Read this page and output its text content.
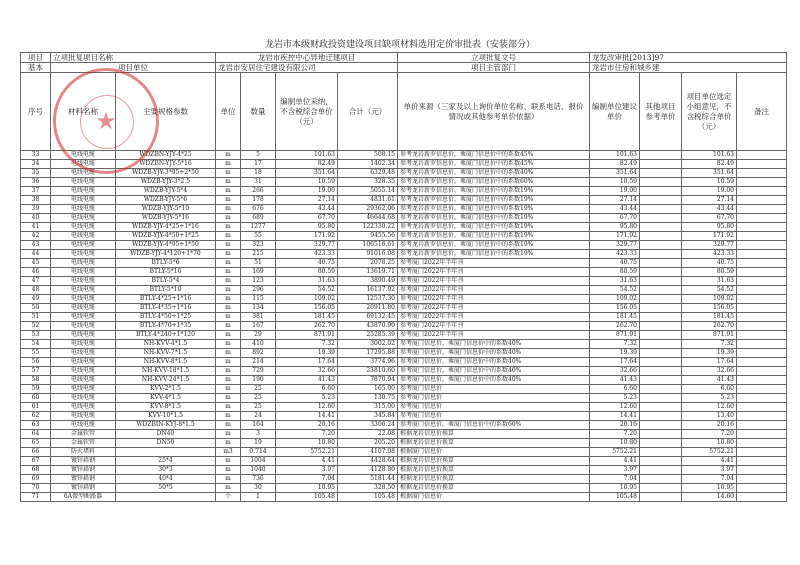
龙岩市本级财政投资建设项目缺项材料选用定价审批表（安装部分）
项目	立项批复项目名称		龙岩市疾控中心异地迁建项目				立项批复文号	龙发改审批[2013]97			
基本	项目单位		龙岩市安居住宅建设有限公司				项目主管部门	龙岩市住房和城乡建			
序号	材料名称	主要规格参数	单位	数量	编制单位采纳，不含税综合单价（元）	合计（元）	单价来源（三家及以上询价单位名称、联系电话、报价情况或其他参考单价依据）	编制单位建议单价	其他项目参考单价	项目单位选定小组意见，不含税综合单价（元）	备注
33	电线电缆	WDZBN-YJY-4*25	m	5	101.63	508.15	参考龙岩新罗信息价，乘厦门信息价中的系数45%	101.63		101.63	
34	电线电缆	WDZBN-YJY-5*16	m	17	82.49	1402.34	参考龙岩新罗信息价，乘厦门信息价中的系数45%	82.49		82.49	
35	电线电缆	WDZB-YJY-3*95+2*50	m	18	351.64	6329.48	参考龙岩新罗信息价，乘厦门信息价中的系数40%	351.64		351.64	
36	电线电缆	WDZB-YJY-3*2.5	m	31	10.59	328.35	参考龙岩新罗信息价，乘厦门信息价中的系数60%	10.59		10.59	
37	电线电缆	WDZB-YJY-5*4	m	266	19.00	5055.14	参考龙岩新罗信息价，乘厦门信息价中的系数19%	19.00		19.00	
38	电线电缆	WDZB-YJY-5*6	m	178	27.14	4831.61	参考龙岩新罗信息价，乘厦门信息价中的系数19%	27.14		27.14	
39	电线电缆	WDZB-YJY-5*10	m	676	43.44	29362.06	参考龙岩新罗信息价，乘厦门信息价中的系数19%	43.44		43.44	
40	电线电缆	WDZB-YJY-5*16	m	689	67.70	46644.68	参考龙岩新罗信息价，乘厦门信息价中的系数19%	67.70		67.70	
41	电线电缆	WDZB-YJY-4*25+1*16	m	1277	95.80	122330.22	参考龙岩新罗信息价，乘厦门信息价中的系数19%	95.80		95.80	
42	电线电缆	WDZB-YJY-4*50+1*25	m	55	171.92	9455.56	参考龙岩新罗信息价，乘厦门信息价中的系数19%	171.92		171.92	
43	电线电缆	WDZB-YJY-4*95+1*50	m	323	329.77	106516.61	参考龙岩新罗信息价，乘厦门信息价中的系数19%	329.77		329.77	
44	电线电缆	WDZB-YJY-4*120+1*70	m	215	423.33	91016.08	参考龙岩新罗信息价，乘厦门信息价中的系数19%	423.33		423.33	
45	电线电缆	BTLY-5*6	m	51	40.75	2078.25	参考厦门2022年半年刊	40.75		40.75	
46	电线电缆	BTLY-5*16	m	169	80.59	13619.71	参考厦门2022年半年刊	80.59		80.59	
47	电线电缆	BTLY-5*4	m	123	31.63	3890.49	参考厦门2022年半年刊	31.63		31.63	
48	电线电缆	BTLY-5*10	m	296	54.52	16137.92	参考厦门2022年半年刊	54.52		54.52	
49	电线电缆	BTLY-4*25+1*16	m	115	109.02	12537.30	参考厦门2022年半年刊	109.02		109.02	
50	电线电缆	BTLY-4*35+1*16	m	134	156.05	20911.80	参考厦门2022年半年刊	156.05		156.05	
51	电线电缆	BTLY-4*50+1*25	m	381	181.45	69132.45	参考厦门2022年半年刊	181.45		181.45	
52	电线电缆	BTLY-4*70+1*35	m	167	262.70	43870.90	参考厦门2022年半年刊	262.70		262.70	
53	电线电缆	BTLY-4*240+1*120	m	29	871.91	25285.39	参考厦门2022年半年刊	871.91		871.91	
54	电线电缆	NH-KVV-4*1.5	m	410	7.32	3002.02	参考厦门信息价，乘厦门信息价中的系数40%	7.32		7.32	
55	电线电缆	NH-KVV-7*1.5	m	892	19.39	17295.88	参考厦门信息价，乘厦门信息价中的系数40%	19.39		19.39	
56	电线电缆	NH-KVV-8*1.5	m	214	17.64	3774.96	参考厦门信息价，乘厦门信息价中的系数40%	17.64		17.64	
57	电线电缆	NH-KVV-18*1.5	m	729	32.66	23810.60	参考厦门信息价，乘厦门信息价中的系数40%	32.66		32.66	
58	电线电缆	NH-KVV-24*1.5	m	190	41.43	7870.94	参考厦门信息价，乘厦门信息价中的系数40%	41.43		41.43	
59	电线电缆	KVV-2*1.5	m	25	6.60	165.00	参考厦门信息价	6.60		6.60	
60	电线电缆	KVV-4*1.5	m	25	5.23	130.75	参考厦门信息价	5.23		5.23	
61	电线电缆	KVV-8*1.5	m	25	12.60	315.00	参考厦门信息价	12.60		12.60	
62	电线电缆	KVV-10*1.5	m	24	14.41	345.84	参考厦门信息价	14.41		13.40	
63	电线电缆	WDZBIN-KYJ-8*1.5	m	164	20.16	3306.24	参考厦门信息价，乘厦门信息价中的系数60%	20.16		20.16	
64	金属软管	DN40	m	3	7.20	22.08	根据龙岩信息价换算	7.20		7.20	
65	金属软管	DN50	m	19	10.80	205.20	根据龙岩信息价换算	10.80		10.80	
66	防火堵料		m3	0.714	5752.21	4107.08	根据厦门信息价	5752.21		5752.21	
67	镀锌扁钢	25*4	m	1004	4.41	4428.64	根据龙岩信息价换算	4.41		4.41	
68	镀锌扁钢	30*3	m	1040	3.97	4128.80	根据龙岩信息价换算	3.97		3.97	
69	镀锌扁钢	40*4	m	736	7.04	5181.44	根据龙岩信息价换算	7.04		7.04	
70	镀锌扁钢	50*5	m	30	10.95	328.50	根据龙岩信息价换算	10.95		10.95	
71	6A微型断路器		个	1	105.48	105.48	根据厦门信息价	105.48		14.60	
★
